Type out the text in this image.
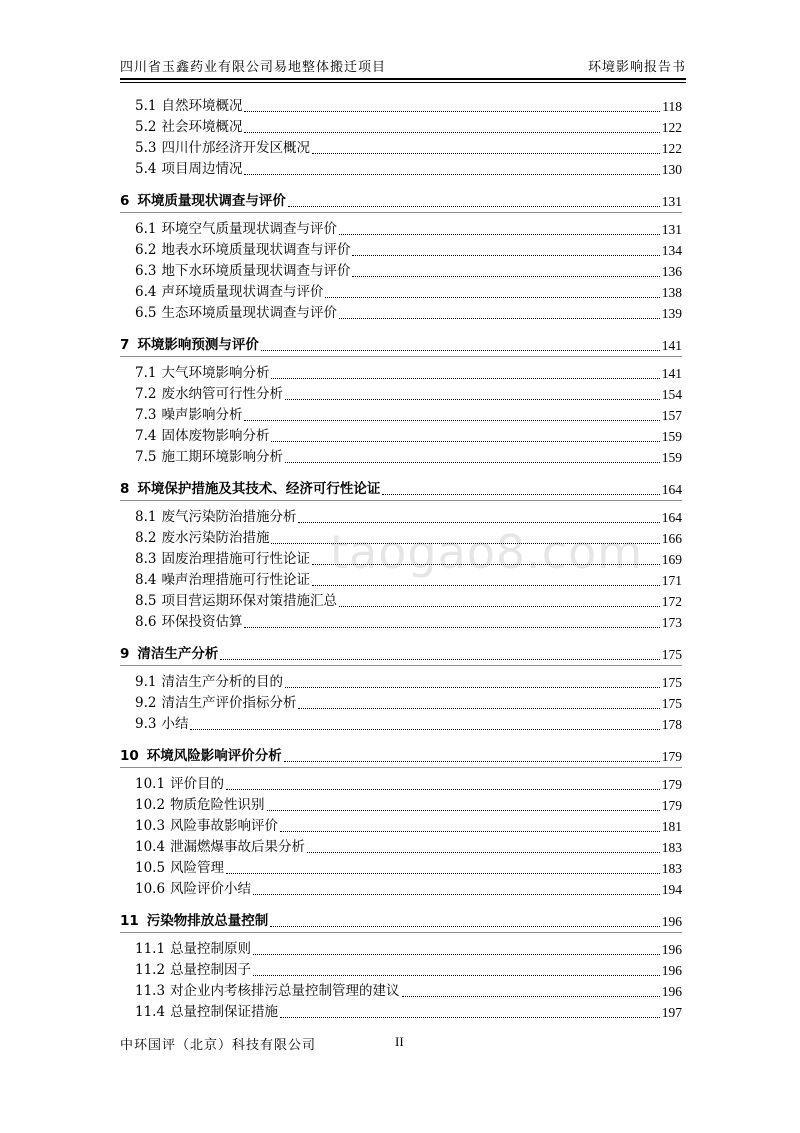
四川省玉鑫药业有限公司易地整体搬迁项目	环境影响报告书
taogao8.com
5.1 自然环境概况	118
5.2 社会环境概况	122
5.3 四川什邡经济开发区概况	122
5.4 项目周边情况	130
6 环境质量现状调查与评价	131
6.1 环境空气质量现状调查与评价	131
6.2 地表水环境质量现状调查与评价	134
6.3 地下水环境质量现状调查与评价	136
6.4 声环境质量现状调查与评价	138
6.5 生态环境质量现状调查与评价	139
7 环境影响预测与评价	141
7.1 大气环境影响分析	141
7.2 废水纳管可行性分析	154
7.3 噪声影响分析	157
7.4 固体废物影响分析	159
7.5 施工期环境影响分析	159
8 环境保护措施及其技术、经济可行性论证	164
8.1 废气污染防治措施分析	164
8.2 废水污染防治措施	166
8.3 固废治理措施可行性论证	169
8.4 噪声治理措施可行性论证	171
8.5 项目营运期环保对策措施汇总	172
8.6 环保投资估算	173
9 清洁生产分析	175
9.1 清洁生产分析的目的	175
9.2 清洁生产评价指标分析	175
9.3 小结	178
10 环境风险影响评价分析	179
10.1 评价目的	179
10.2 物质危险性识别	179
10.3 风险事故影响评价	181
10.4 泄漏燃爆事故后果分析	183
10.5 风险管理	183
10.6 风险评价小结	194
11 污染物排放总量控制	196
11.1 总量控制原则	196
11.2 总量控制因子	196
11.3 对企业内考核排污总量控制管理的建议	196
11.4 总量控制保证措施	197
中环国评（北京）科技有限公司	II
